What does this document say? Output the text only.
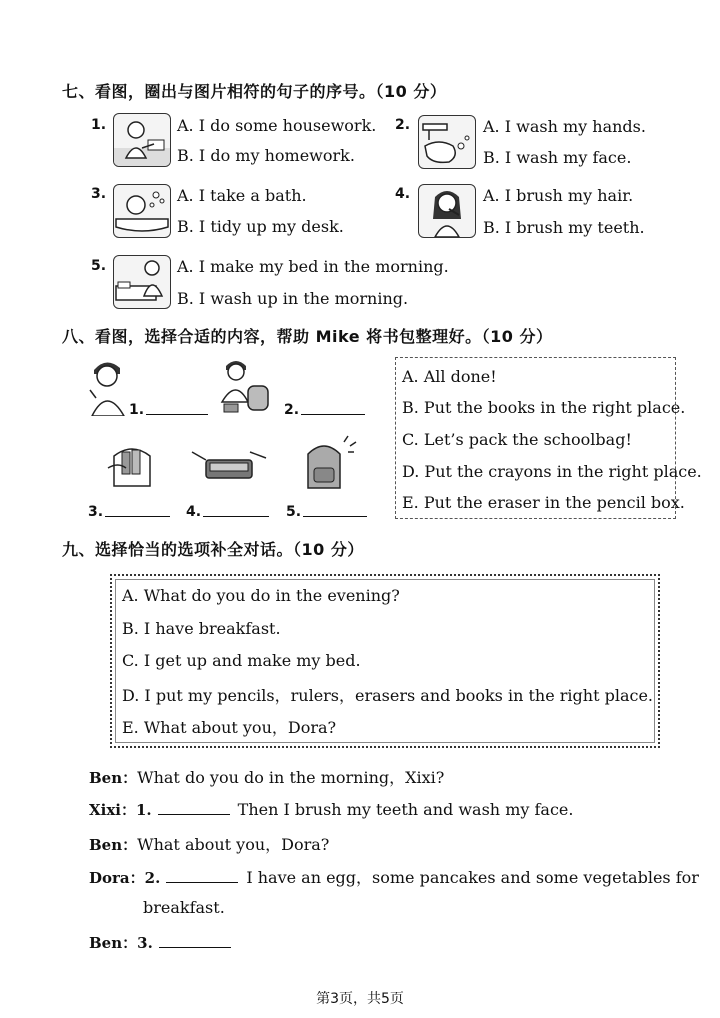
七、看图，圈出与图片相符的句子的序号。（10 分）
1.	A. I do some housework.
B. I do my homework.
2.	A. I wash my hands.
B. I wash my face.
3.	A. I take a bath.
B. I tidy up my desk.
4.	A. I brush my hair.
B. I brush my teeth.
5.	A. I make my bed in the morning.
B. I wash up in the morning.
八、看图，选择合适的内容，帮助 Mike 将书包整理好。（10 分）
1.	2.
3.	4.	5.
A. All done!
B. Put the books in the right place.
C. Let’s pack the schoolbag!
D. Put the crayons in the right place.
E. Put the eraser in the pencil box.
九、选择恰当的选项补全对话。（10 分）
A. What do you do in the evening?
B. I have breakfast.
C. I get up and make my bed.
D. I put my pencils，rulers，erasers and books in the right place.
E. What about you，Dora?
Ben：What do you do in the morning，Xixi?
Xixi：1.	Then I brush my teeth and wash my face.
Ben：What about you，Dora?
Dora：2.	I have an egg，some pancakes and some vegetables for
breakfast.
Ben：3.
第3页，共5页
